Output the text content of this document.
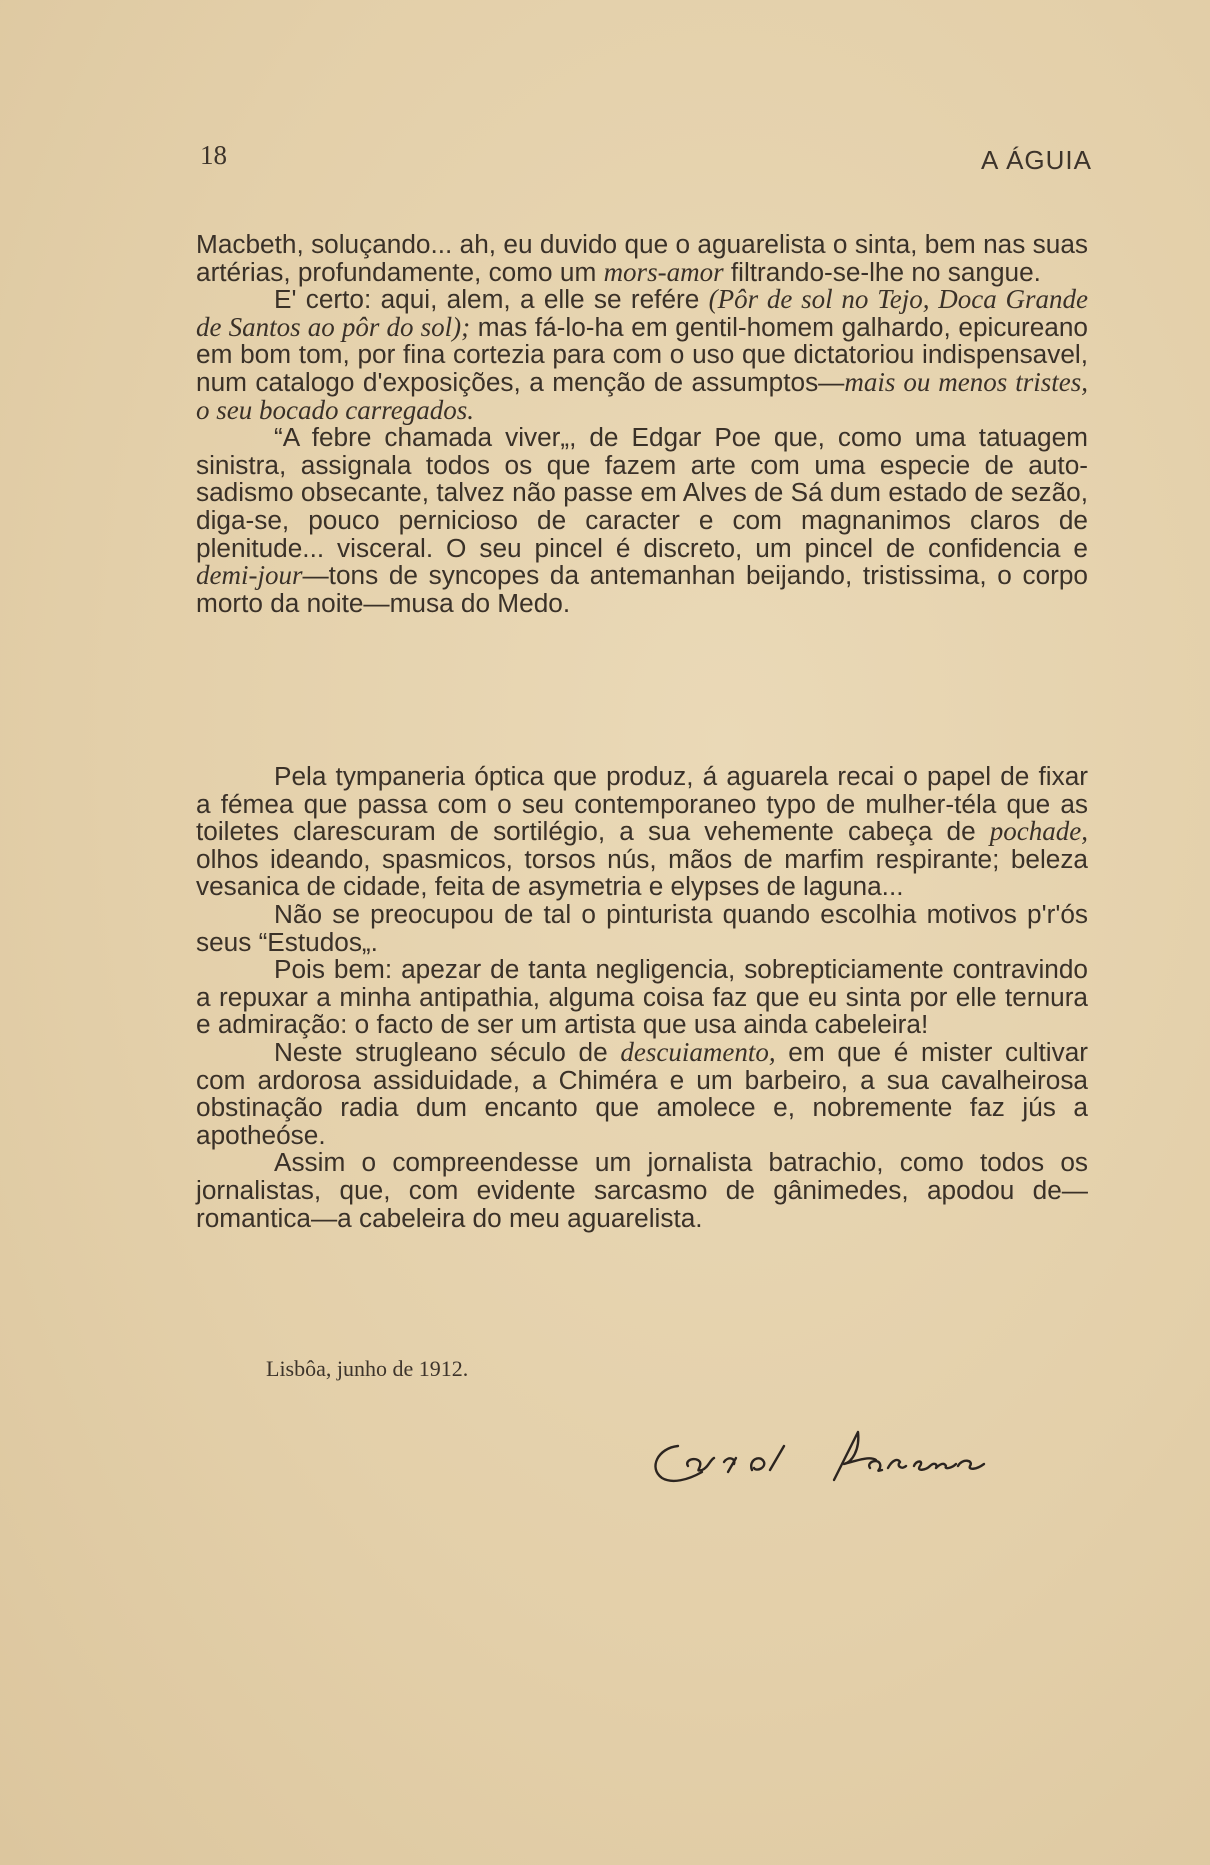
18	A ÁGUIA

Macbeth, soluçando... ah, eu duvido que o aguarelista o sinta, bem nas suas artérias, profundamente, como um mors-amor filtrando-se-lhe no sangue.

E' certo: aqui, alem, a elle se refére (Pôr de sol no Tejo, Doca Grande de Santos ao pôr do sol); mas fá-lo-ha em gentil-homem galhardo, epicureano em bom tom, por fina cortezia para com o uso que dictatoriou indispensavel, num catalogo d'exposições, a menção de assumptos—mais ou menos tristes, o seu bocado carregados.

“A febre chamada viver„, de Edgar Poe que, como uma tatuagem sinistra, assignala todos os que fazem arte com uma especie de auto-sadismo obsecante, talvez não passe em Alves de Sá dum estado de sezão, diga-se, pouco pernicioso de caracter e com magnanimos claros de plenitude... visceral. O seu pincel é discreto, um pincel de confidencia e demi-jour—tons de syncopes da antemanhan beijando, tristissima, o corpo morto da noite—musa do Medo.

Pela tympaneria óptica que produz, á aguarela recai o papel de fixar a fémea que passa com o seu contemporaneo typo de mulher-téla que as toiletes clarescuram de sortilégio, a sua vehemente cabeça de pochade, olhos ideando, spasmicos, torsos nús, mãos de marfim respirante; beleza vesanica de cidade, feita de asymetria e elypses de laguna...

Não se preocupou de tal o pinturista quando escolhia motivos p'r'ós seus “Estudos„.

Pois bem: apezar de tanta negligencia, sobrepticiamente contravindo a repuxar a minha antipathia, alguma coisa faz que eu sinta por elle ternura e admiração: o facto de ser um artista que usa ainda cabeleira!

Neste strugleano século de descuiamento, em que é mister cultivar com ardorosa assiduidade, a Chiméra e um barbeiro, a sua cavalheirosa obstinação radia dum encanto que amolece e, nobremente faz jús a apotheóse.

Assim o compreendesse um jornalista batrachio, como todos os jornalistas, que, com evidente sarcasmo de gânimedes, apodou de—romantica—a cabeleira do meu aguarelista.

Lisbôa, junho de 1912.
